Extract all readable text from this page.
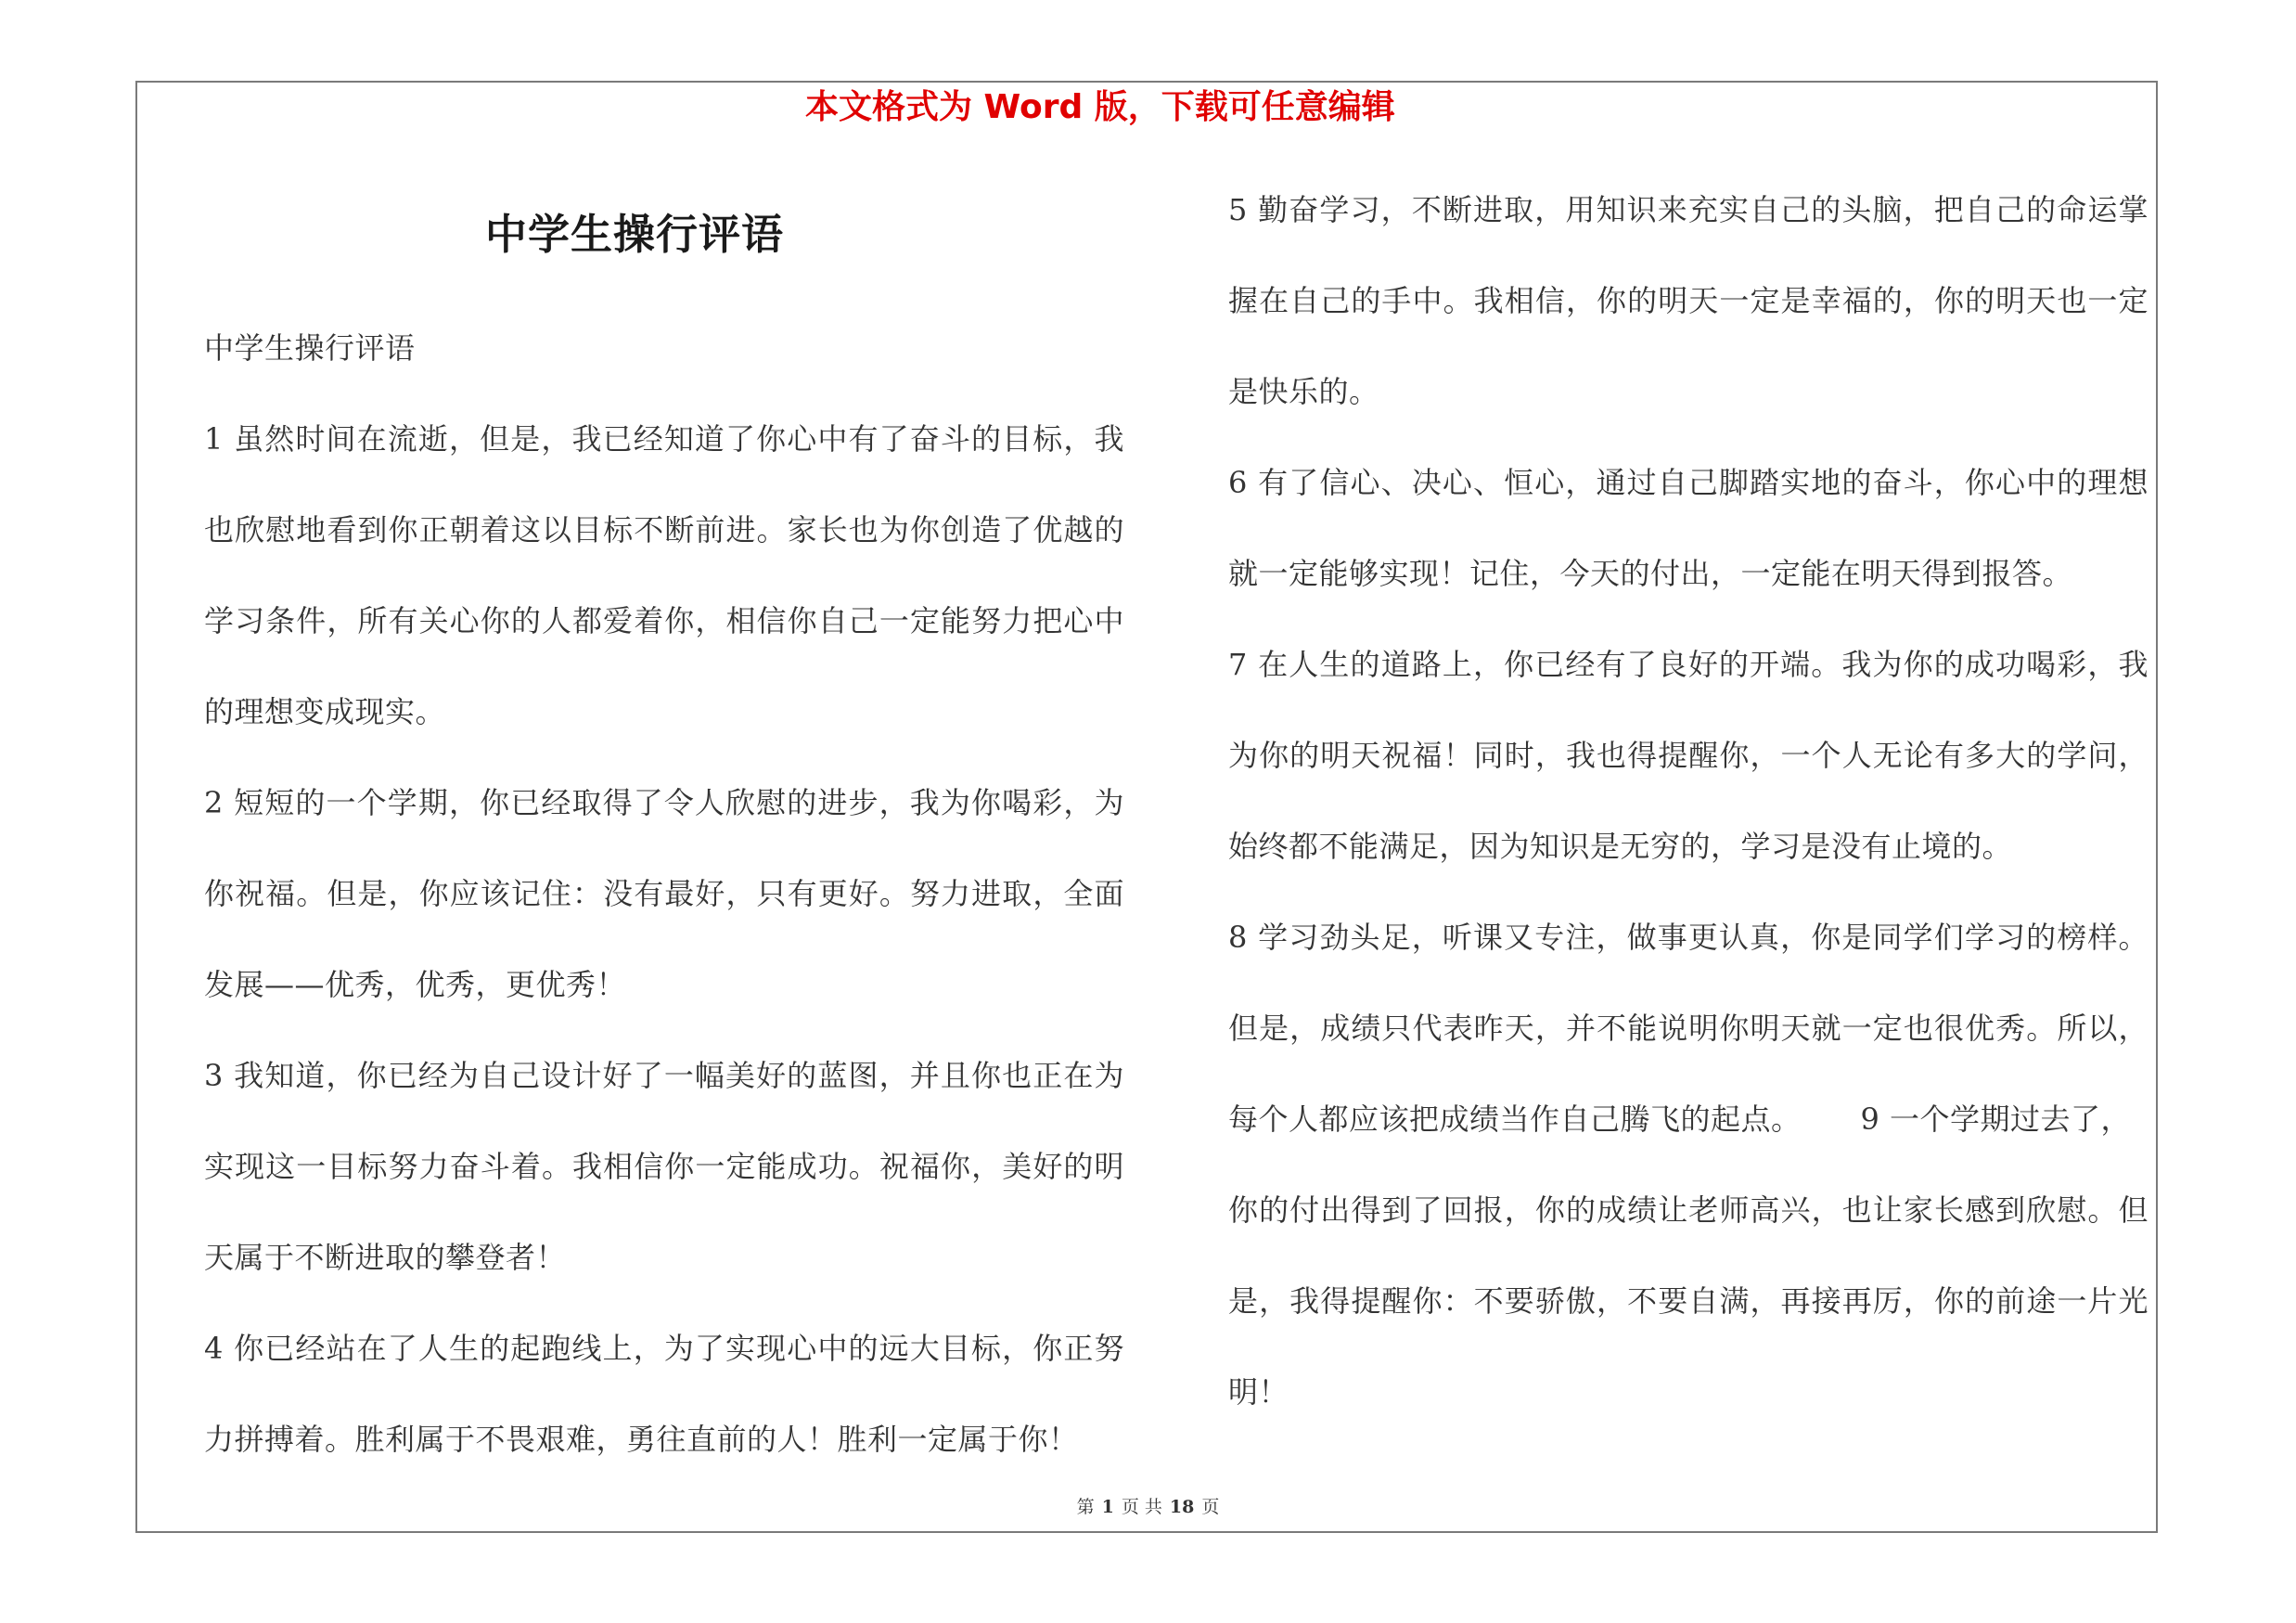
本文格式为 Word 版，下载可任意编辑
中学生操行评语
中学生操行评语
1 虽然时间在流逝，但是，我已经知道了你心中有了奋斗的目标，我
也欣慰地看到你正朝着这以目标不断前进。家长也为你创造了优越的
学习条件，所有关心你的人都爱着你，相信你自己一定能努力把心中
的理想变成现实。
2 短短的一个学期，你已经取得了令人欣慰的进步，我为你喝彩，为
你祝福。但是，你应该记住：没有最好，只有更好。努力进取，全面
发展——优秀，优秀，更优秀！
3 我知道，你已经为自己设计好了一幅美好的蓝图，并且你也正在为
实现这一目标努力奋斗着。我相信你一定能成功。祝福你，美好的明
天属于不断进取的攀登者！
4 你已经站在了人生的起跑线上，为了实现心中的远大目标，你正努
力拼搏着。胜利属于不畏艰难，勇往直前的人！胜利一定属于你！
5 勤奋学习，不断进取，用知识来充实自己的头脑，把自己的命运掌
握在自己的手中。我相信，你的明天一定是幸福的，你的明天也一定
是快乐的。
6 有了信心、决心、恒心，通过自己脚踏实地的奋斗，你心中的理想
就一定能够实现！记住，今天的付出，一定能在明天得到报答。
7 在人生的道路上，你已经有了良好的开端。我为你的成功喝彩，我
为你的明天祝福！同时，我也得提醒你，一个人无论有多大的学问，
始终都不能满足，因为知识是无穷的，学习是没有止境的。
8 学习劲头足，听课又专注，做事更认真，你是同学们学习的榜样。
但是，成绩只代表昨天，并不能说明你明天就一定也很优秀。所以，
每个人都应该把成绩当作自己腾飞的起点。 9 一个学期过去了，
你的付出得到了回报，你的成绩让老师高兴，也让家长感到欣慰。但
是，我得提醒你：不要骄傲，不要自满，再接再厉，你的前途一片光
明！
第 1 页 共 18 页
